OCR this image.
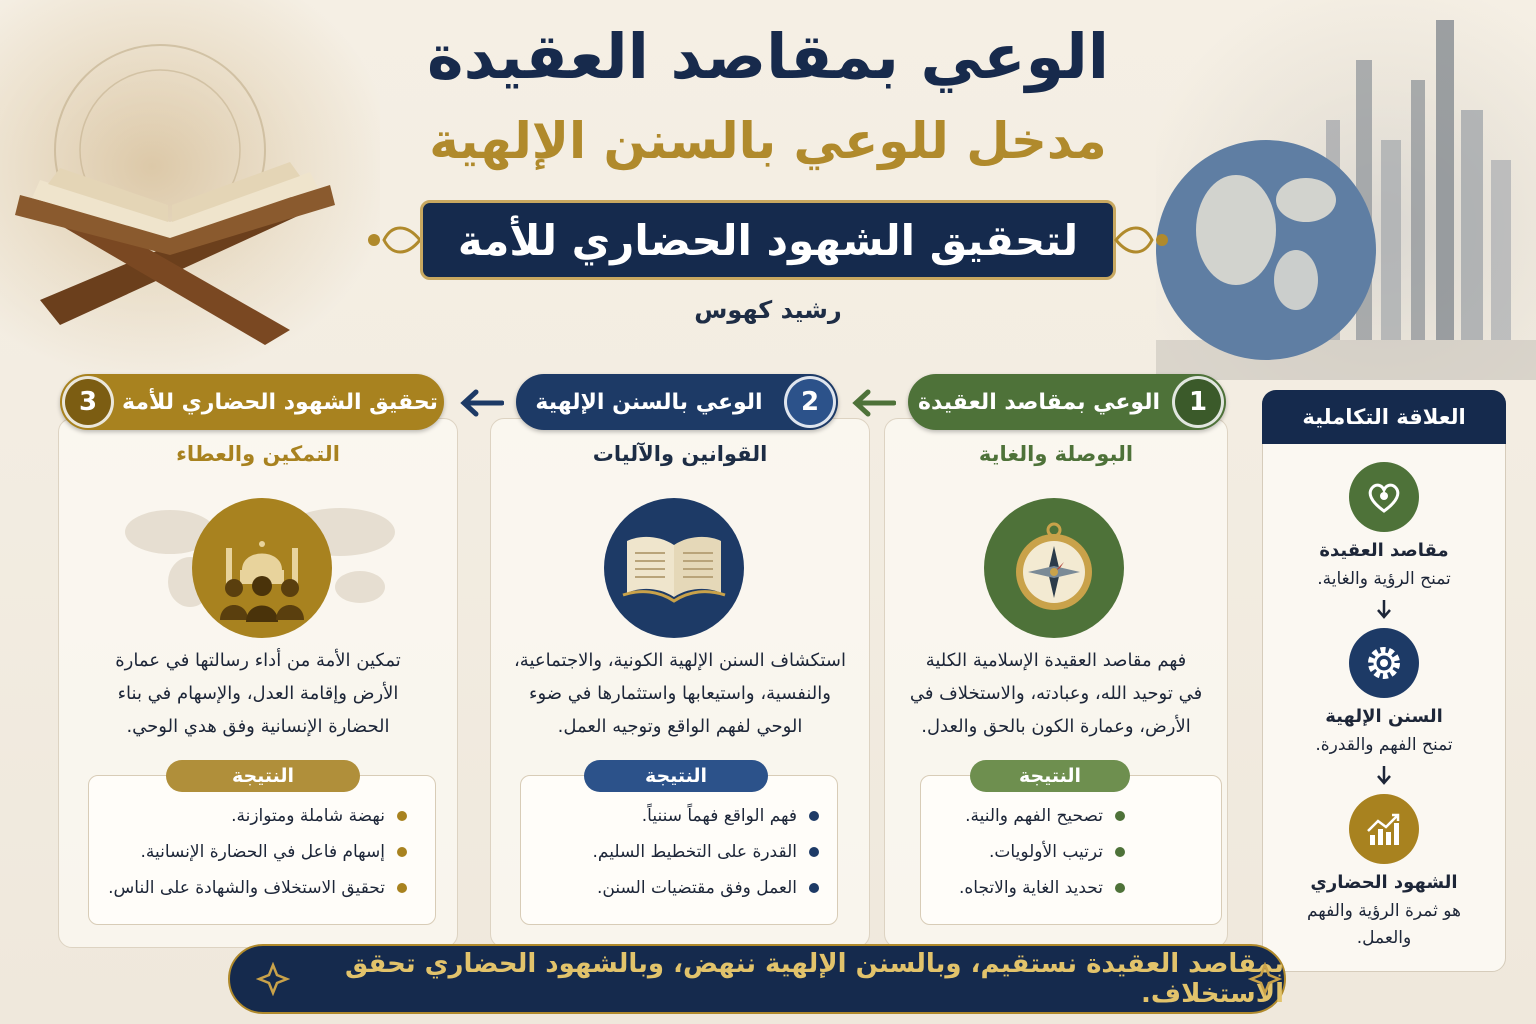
الوعي بمقاصد العقيدة
مدخل للوعي بالسنن الإلهية
لتحقيق الشهود الحضاري للأمة
رشيد كهوس
1
الوعي بمقاصد العقيدة
البوصلة والغاية
فهم مقاصد العقيدة الإسلامية الكلية
في توحيد الله، وعبادته، والاستخلاف في
الأرض، وعمارة الكون بالحق والعدل.
تصحيح الفهم والنية.
ترتيب الأولويات.
تحديد الغاية والاتجاه.
النتيجة
2
الوعي بالسنن الإلهية
القوانين والآليات
استكشاف السنن الإلهية الكونية، والاجتماعية،
والنفسية، واستيعابها واستثمارها في ضوء
الوحي لفهم الواقع وتوجيه العمل.
فهم الواقع فهماً سننياً.
القدرة على التخطيط السليم.
العمل وفق مقتضيات السنن.
النتيجة
تحقيق الشهود الحضاري للأمة
3
التمكين والعطاء
تمكين الأمة من أداء رسالتها في عمارة
الأرض وإقامة العدل، والإسهام في بناء
الحضارة الإنسانية وفق هدي الوحي.
نهضة شاملة ومتوازنة.
إسهام فاعل في الحضارة الإنسانية.
تحقيق الاستخلاف والشهادة على الناس.
النتيجة
العلاقة التكاملية
مقاصد العقيدة
تمنح الرؤية والغاية.
السنن الإلهية
تمنح الفهم والقدرة.
الشهود الحضاري
هو ثمرة الرؤية والفهم
والعمل.
بمقاصد العقيدة نستقيم، وبالسنن الإلهية ننهض، وبالشهود الحضاري تحقق الاستخلاف.
